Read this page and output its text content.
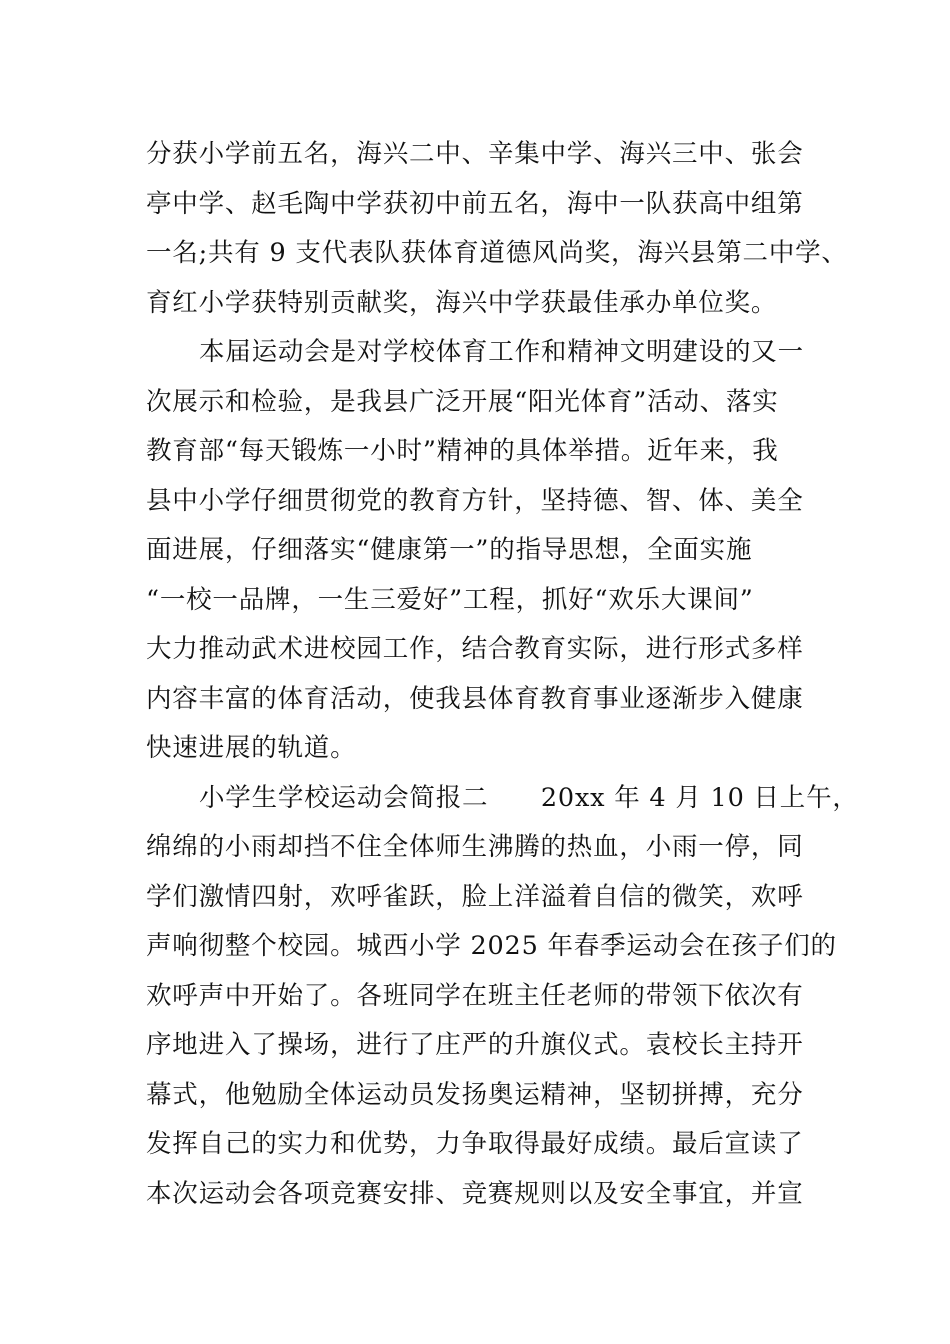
分获小学前五名，海兴二中、辛集中学、海兴三中、张会
亭中学、赵毛陶中学获初中前五名，海中一队获高中组第
一名;共有 9 支代表队获体育道德风尚奖，海兴县第二中学、
育红小学获特别贡献奖，海兴中学获最佳承办单位奖。
本届运动会是对学校体育工作和精神文明建设的又一
次展示和检验，是我县广泛开展“阳光体育”活动、落实
教育部“每天锻炼一小时”精神的具体举措。近年来，我
县中小学仔细贯彻党的教育方针，坚持德、智、体、美全
面进展，仔细落实“健康第一”的指导思想，全面实施
“一校一品牌，一生三爱好”工程，抓好“欢乐大课间”
大力推动武术进校园工作，结合教育实际，进行形式多样
内容丰富的体育活动，使我县体育教育事业逐渐步入健康
快速进展的轨道。
小学生学校运动会简报二　　20xx 年 4 月 10 日上午，
绵绵的小雨却挡不住全体师生沸腾的热血，小雨一停，同
学们激情四射，欢呼雀跃，脸上洋溢着自信的微笑，欢呼
声响彻整个校园。城西小学 2025 年春季运动会在孩子们的
欢呼声中开始了。各班同学在班主任老师的带领下依次有
序地进入了操场，进行了庄严的升旗仪式。袁校长主持开
幕式，他勉励全体运动员发扬奥运精神，坚韧拼搏，充分
发挥自己的实力和优势，力争取得最好成绩。最后宣读了
本次运动会各项竞赛安排、竞赛规则以及安全事宜，并宣
